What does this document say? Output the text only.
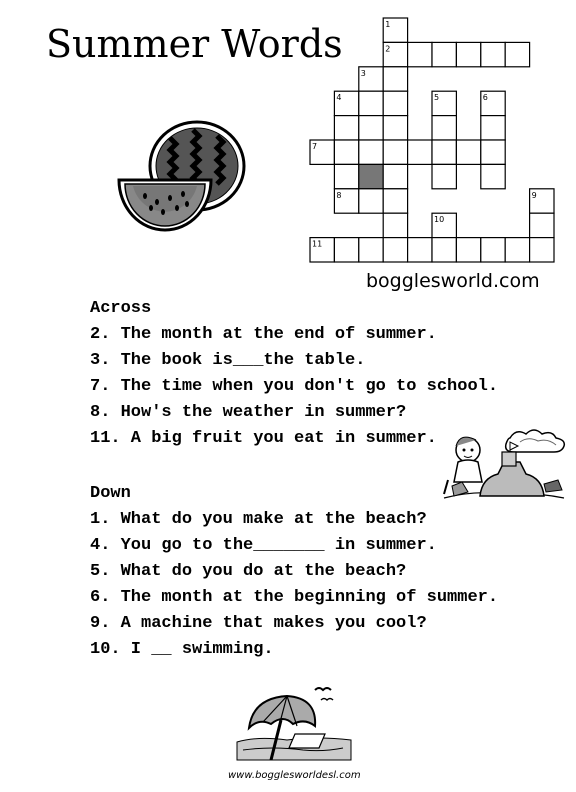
Summer Words	1
2
3
4	5	6
7
8	9
10
11
bogglesworld.com
Across
2. The month at the end of summer.
3. The book is___the table.
7. The time when you don't go to school.
8. How's the weather in summer?
11. A big fruit you eat in summer.
Down
1. What do you make at the beach?
4. You go to the_______ in summer.
5. What do you do at the beach?
6. The month at the beginning of summer.
9. A machine that makes you cool?
10. I __ swimming.
www.bogglesworldesl.com
